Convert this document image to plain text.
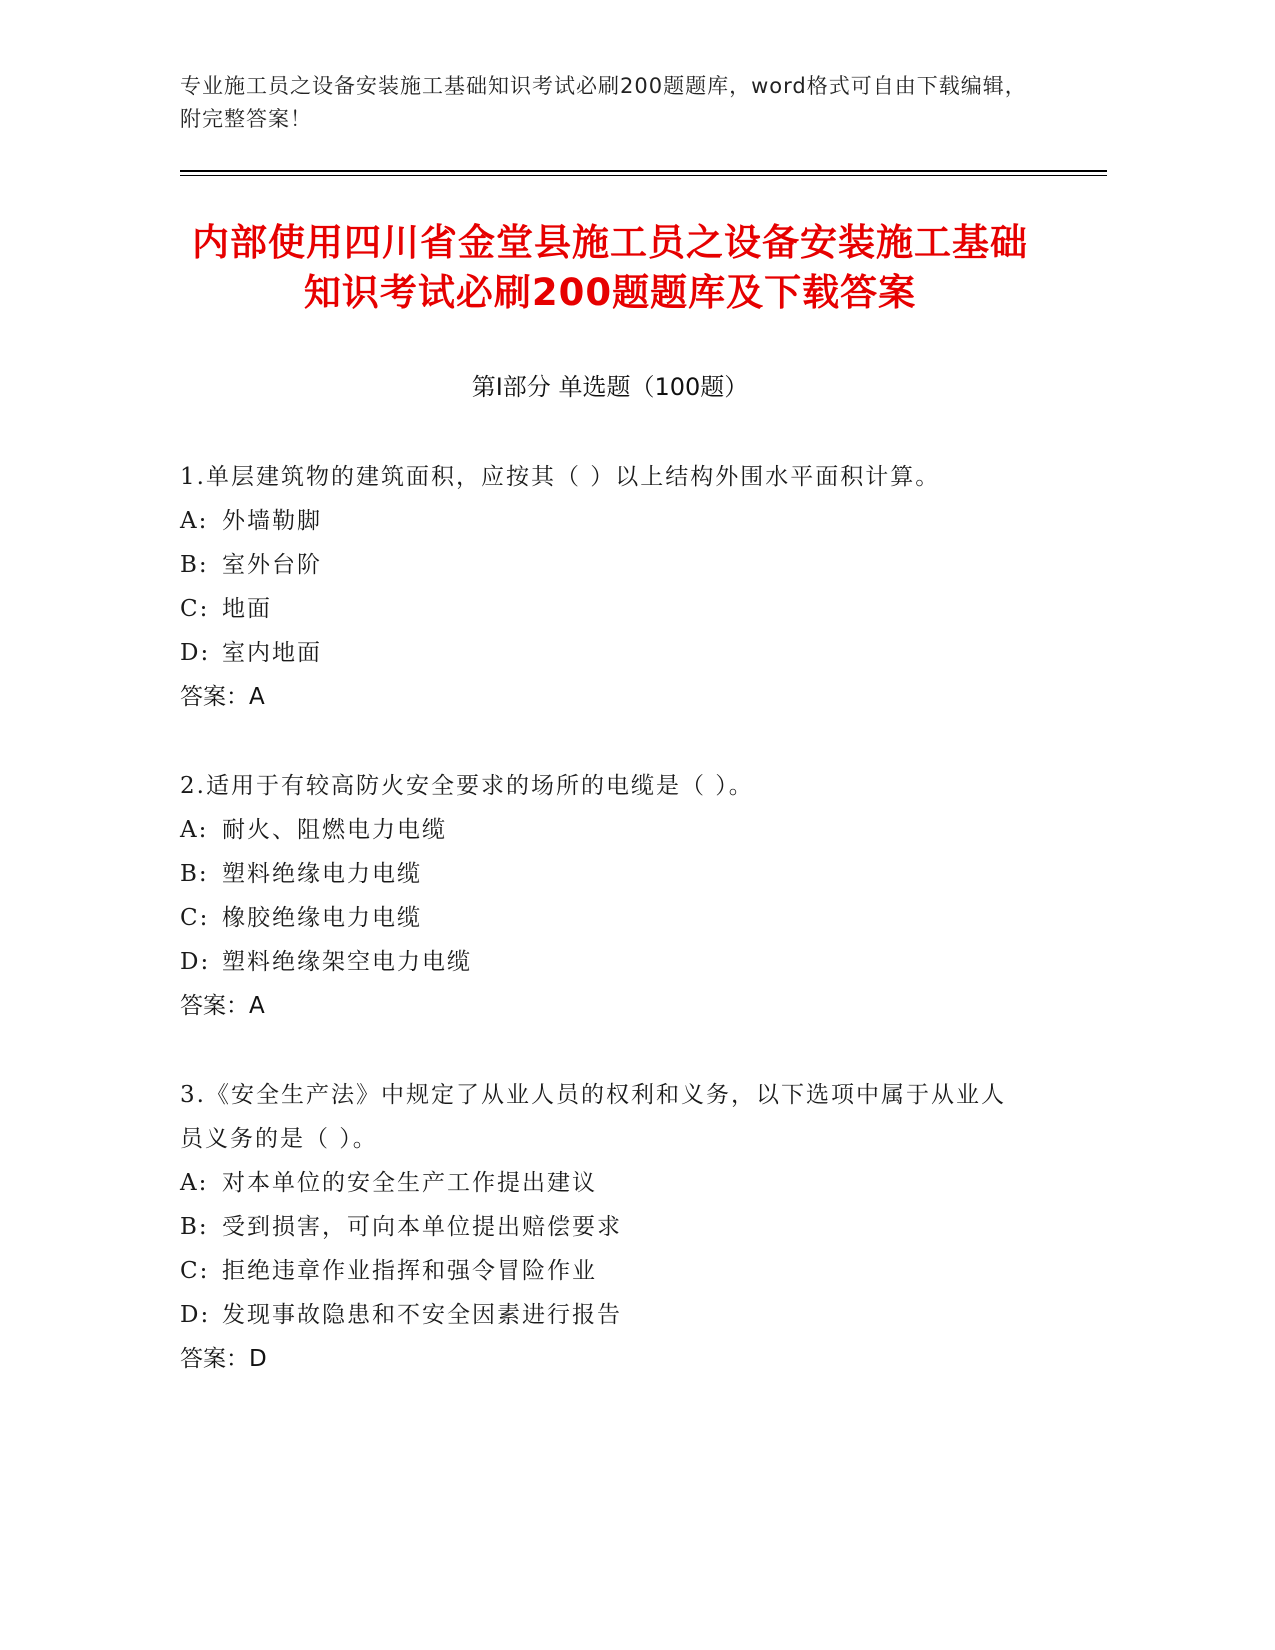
专业施工员之设备安装施工基础知识考试必刷200题题库，word格式可自由下载编辑，附完整答案！
内部使用四川省金堂县施工员之设备安装施工基础知识考试必刷200题题库及下载答案
第Ⅰ部分 单选题（100题）
1.单层建筑物的建筑面积，应按其（ ）以上结构外围水平面积计算。
A: 外墙勒脚
B: 室外台阶
C: 地面
D: 室内地面
答案：A
2.适用于有较高防火安全要求的场所的电缆是（ ）。
A: 耐火、阻燃电力电缆
B: 塑料绝缘电力电缆
C: 橡胶绝缘电力电缆
D: 塑料绝缘架空电力电缆
答案：A
3.《安全生产法》中规定了从业人员的权利和义务，以下选项中属于从业人员义务的是（ ）。
A: 对本单位的安全生产工作提出建议
B: 受到损害，可向本单位提出赔偿要求
C: 拒绝违章作业指挥和强令冒险作业
D: 发现事故隐患和不安全因素进行报告
答案：D
